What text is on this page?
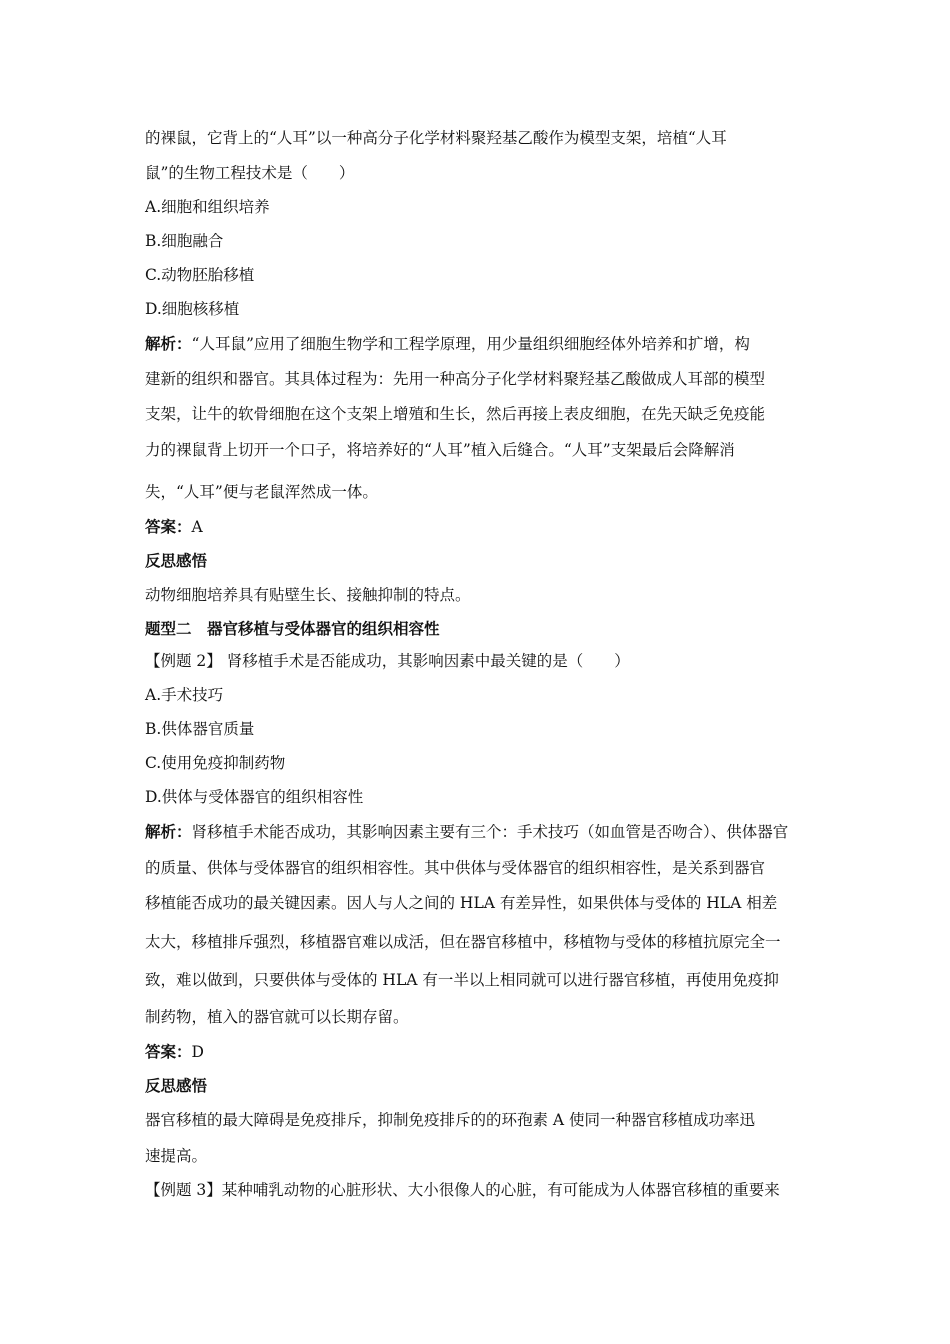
的裸鼠，它背上的“人耳”以一种高分子化学材料聚羟基乙酸作为模型支架，培植“人耳
鼠”的生物工程技术是（　　）
A.细胞和组织培养
B.细胞融合
C.动物胚胎移植
D.细胞核移植
解析：“人耳鼠”应用了细胞生物学和工程学原理，用少量组织细胞经体外培养和扩增，构
建新的组织和器官。其具体过程为：先用一种高分子化学材料聚羟基乙酸做成人耳部的模型
支架，让牛的软骨细胞在这个支架上增殖和生长，然后再接上表皮细胞，在先天缺乏免疫能
力的裸鼠背上切开一个口子，将培养好的“人耳”植入后缝合。“人耳”支架最后会降解消
失，“人耳”便与老鼠浑然成一体。
答案：A
反思感悟
动物细胞培养具有贴壁生长、接触抑制的特点。
题型二　器官移植与受体器官的组织相容性
【例题 2】 肾移植手术是否能成功，其影响因素中最关键的是（　　）
A.手术技巧
B.供体器官质量
C.使用免疫抑制药物
D.供体与受体器官的组织相容性
解析：肾移植手术能否成功，其影响因素主要有三个：手术技巧（如血管是否吻合）、供体器官
的质量、供体与受体器官的组织相容性。其中供体与受体器官的组织相容性，是关系到器官
移植能否成功的最关键因素。因人与人之间的 HLA 有差异性，如果供体与受体的 HLA 相差
太大，移植排斥强烈，移植器官难以成活，但在器官移植中，移植物与受体的移植抗原完全一
致，难以做到，只要供体与受体的 HLA 有一半以上相同就可以进行器官移植，再使用免疫抑
制药物，植入的器官就可以长期存留。
答案：D
反思感悟
器官移植的最大障碍是免疫排斥，抑制免疫排斥的的环孢素 A 使同一种器官移植成功率迅
速提高。
【例题 3】某种哺乳动物的心脏形状、大小很像人的心脏，有可能成为人体器官移植的重要来
